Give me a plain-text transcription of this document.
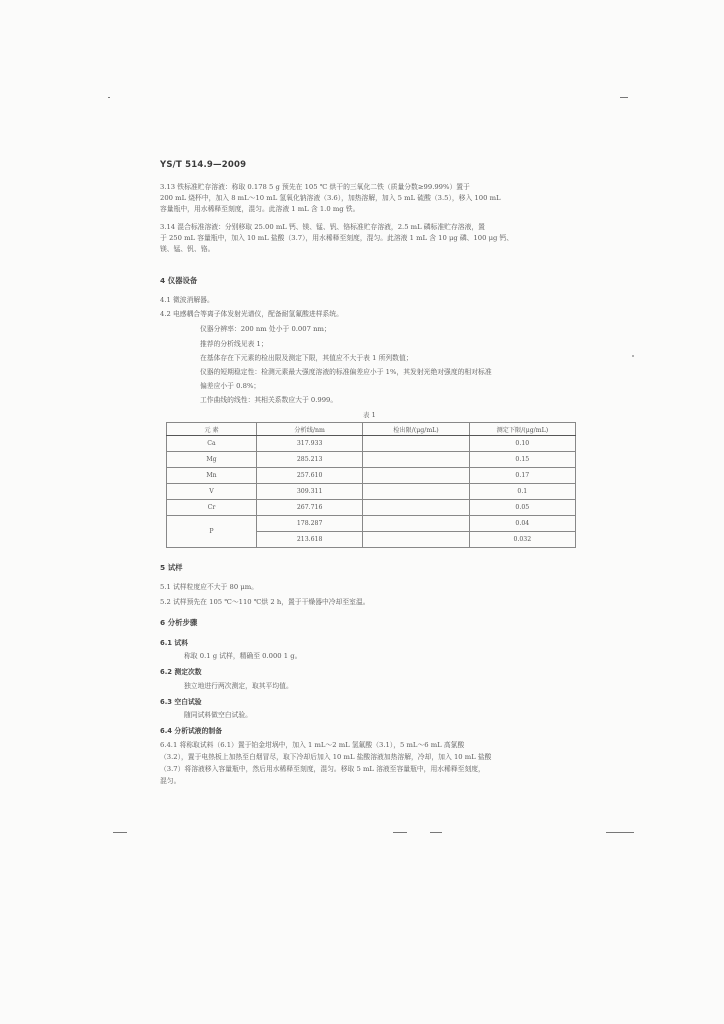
YS/T 514.9—2009
3.13 铁标准贮存溶液：称取 0.178 5 g 预先在 105 ℃ 烘干的三氧化二铁（质量分数≥99.99%）置于
200 mL 烧杯中，加入 8 mL～10 mL 氢氧化钠溶液（3.6），加热溶解，加入 5 mL 硫酸（3.5），移入 100 mL
容量瓶中，用水稀释至刻度，混匀。此溶液 1 mL 含 1.0 mg 铁。
3.14 混合标准溶液：分别移取 25.00 mL 钙、镁、锰、钒、铬标准贮存溶液，2.5 mL 磷标准贮存溶液，置
于 250 mL 容量瓶中，加入 10 mL 盐酸（3.7），用水稀释至刻度，混匀。此溶液 1 mL 含 10 μg 磷、100 μg 钙、
镁、锰、钒、铬。
4 仪器设备
4.1 微波消解器。
4.2 电感耦合等离子体发射光谱仪，配备耐氢氟酸进样系统。
仪器分辨率：200 nm 处小于 0.007 nm；
推荐的分析线见表 1；
在基体存在下元素的检出限及测定下限，其值应不大于表 1 所列数值；
仪器的短期稳定性：检测元素最大强度溶液的标准偏差应小于 1%，其发射光绝对强度的相对标准
偏差应小于 0.8%；
工作曲线的线性：其相关系数应大于 0.999。
表 1
元 素	分析线/nm	检出限/(μg/mL)	测定下限/(μg/mL)
Ca	317.933		0.10
Mg	285.213		0.15
Mn	257.610		0.17
V	309.311		0.1
Cr	267.716		0.05
P	178.287		0.04
	213.618		0.032
5 试样
5.1 试样粒度应不大于 80 μm。
5.2 试样预先在 105 ℃～110 ℃烘 2 h，置于干燥器中冷却至室温。
6 分析步骤
6.1 试料
称取 0.1 g 试样，精确至 0.000 1 g。
6.2 测定次数
独立地进行两次测定，取其平均值。
6.3 空白试验
随同试料做空白试验。
6.4 分析试液的制备
6.4.1 将称取试料（6.1）置于铂金坩埚中，加入 1 mL～2 mL 氢氟酸（3.1），5 mL～6 mL 高氯酸
（3.2），置于电热板上加热至白烟冒尽，取下冷却后加入 10 mL 盐酸溶液加热溶解，冷却，加入 10 mL 盐酸
（3.7）将溶液移入容量瓶中，然后用水稀释至刻度，混匀。移取 5 mL 溶液至容量瓶中，用水稀释至刻度，
混匀。
